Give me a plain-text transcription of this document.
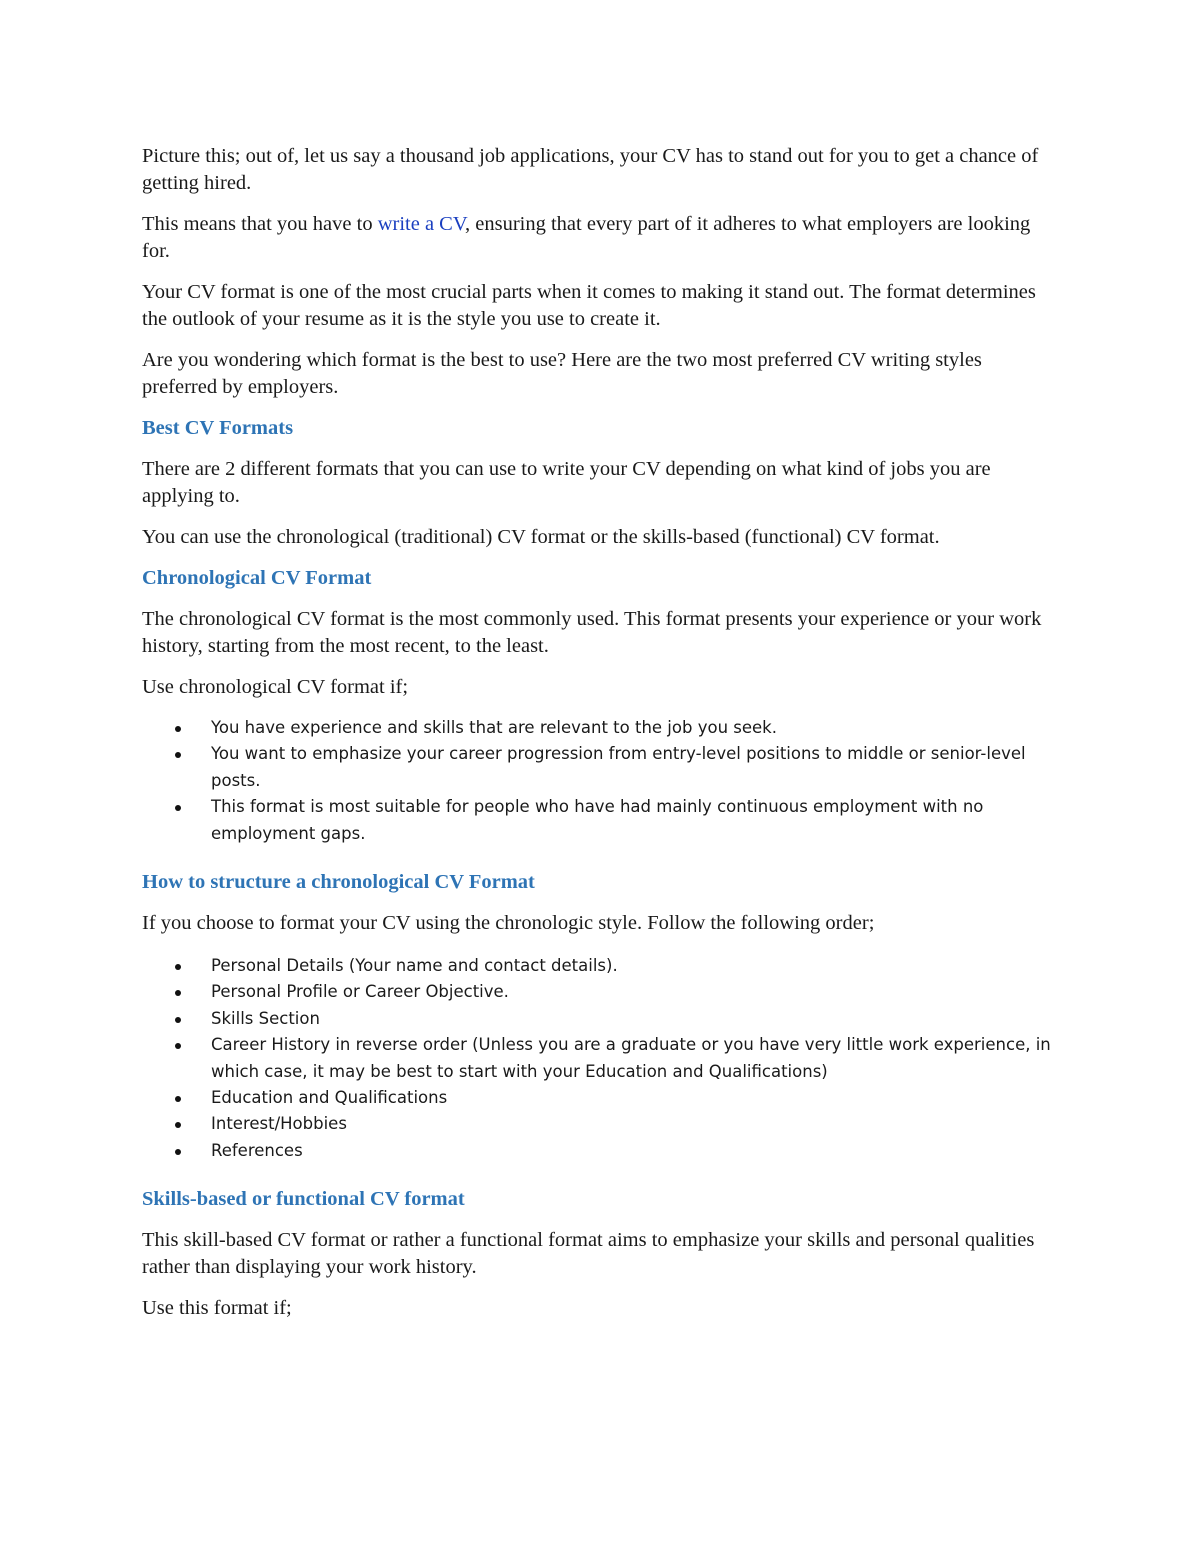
Picture this; out of, let us say a thousand job applications, your CV has to stand out for you to get a chance of getting hired.

This means that you have to write a CV, ensuring that every part of it adheres to what employers are looking for.

Your CV format is one of the most crucial parts when it comes to making it stand out. The format determines the outlook of your resume as it is the style you use to create it.

Are you wondering which format is the best to use? Here are the two most preferred CV writing styles preferred by employers.

Best CV Formats

There are 2 different formats that you can use to write your CV depending on what kind of jobs you are applying to.

You can use the chronological (traditional) CV format or the skills-based (functional) CV format.

Chronological CV Format

The chronological CV format is the most commonly used. This format presents your experience or your work history, starting from the most recent, to the least.

Use chronological CV format if;

You have experience and skills that are relevant to the job you seek.
You want to emphasize your career progression from entry-level positions to middle or senior-level posts.
This format is most suitable for people who have had mainly continuous employment with no employment gaps.
How to structure a chronological CV Format

If you choose to format your CV using the chronologic style. Follow the following order;

Personal Details (Your name and contact details).
Personal Profile or Career Objective.
Skills Section
Career History in reverse order (Unless you are a graduate or you have very little work experience, in which case, it may be best to start with your Education and Qualifications)
Education and Qualifications
Interest/Hobbies
References
Skills-based or functional CV format

This skill-based CV format or rather a functional format aims to emphasize your skills and personal qualities rather than displaying your work history.

Use this format if;
